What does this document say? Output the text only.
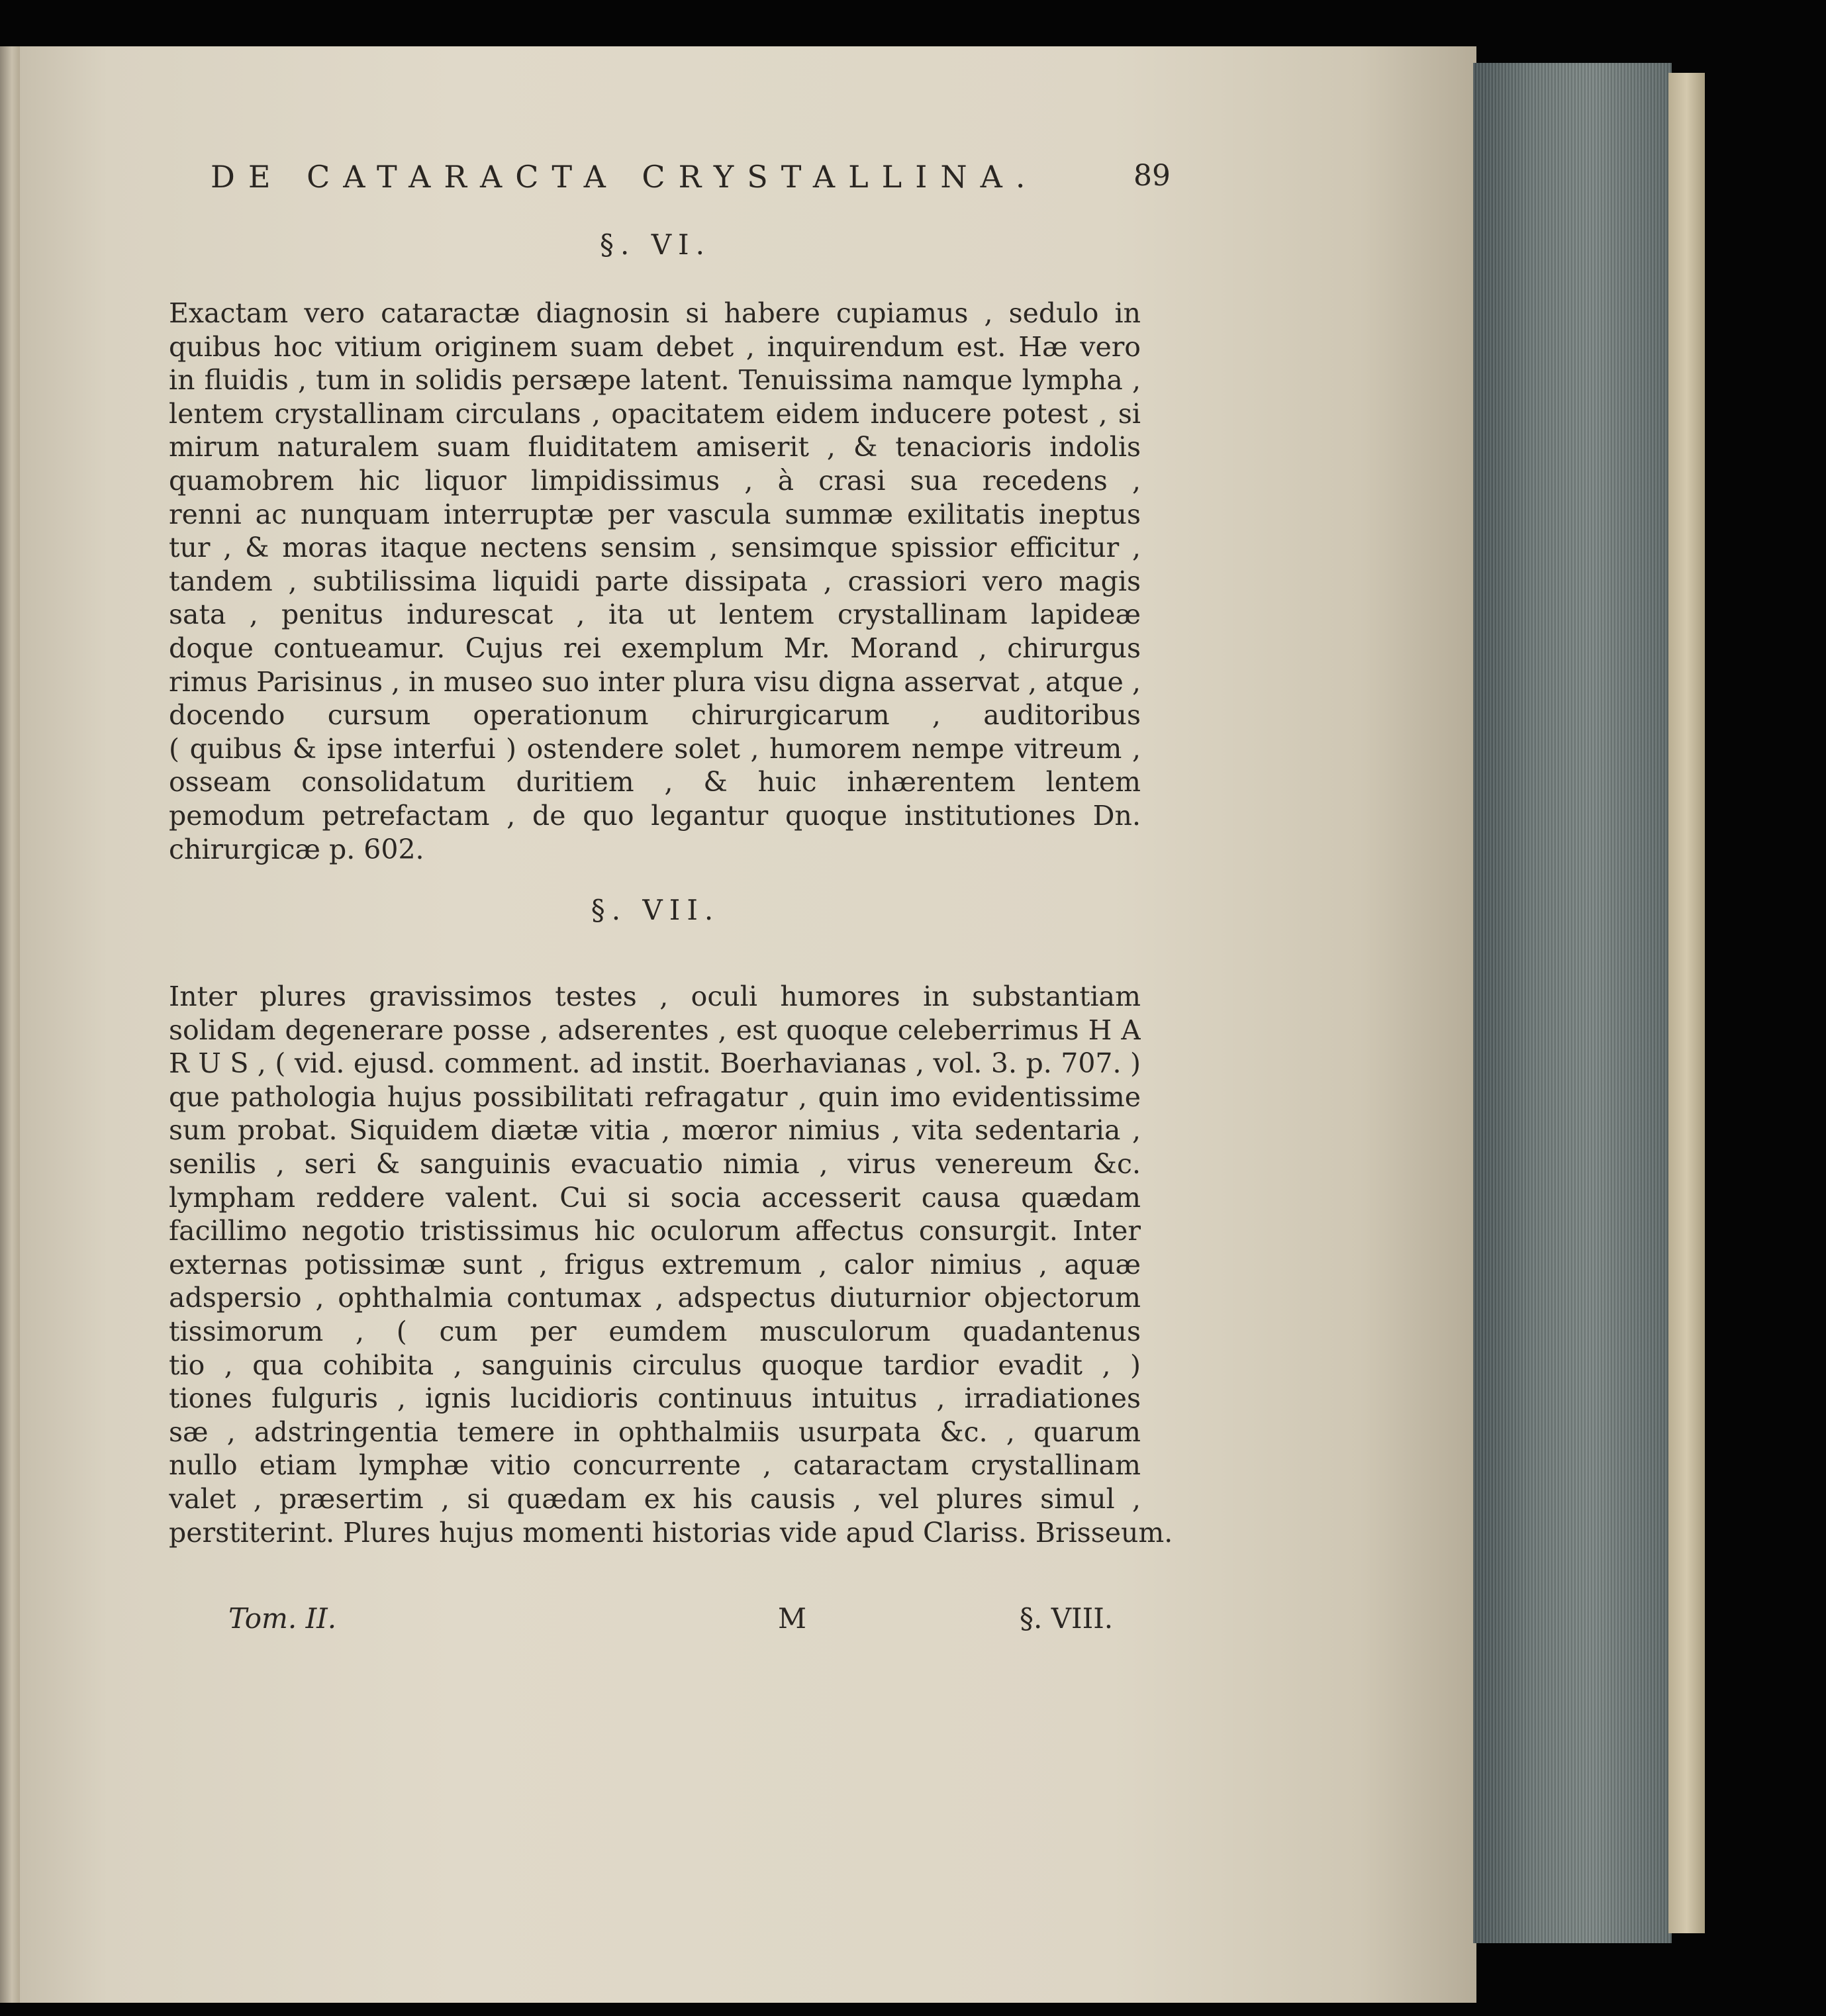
DE CATARACTA CRYSTALLINA.	89
§. VI.
Exactam vero cataractæ diagnosin si habere cupiamus , sedulo in
quibus hoc vitium originem suam debet , inquirendum est. Hæ vero
in fluidis , tum in solidis persæpe latent. Tenuissima namque lympha ,
lentem crystallinam circulans , opacitatem eidem inducere potest , si
mirum naturalem suam fluiditatem amiserit , & tenacioris indolis
quamobrem hic liquor limpidissimus , à crasi sua recedens ,
renni ac nunquam interruptæ per vascula summæ exilitatis ineptus
tur , & moras itaque nectens sensim , sensimque spissior efficitur ,
tandem , subtilissima liquidi parte dissipata , crassiori vero magis
sata , penitus indurescat , ita ut lentem crystallinam lapideæ
doque contueamur. Cujus rei exemplum Mr. Morand , chirurgus
rimus Parisinus , in museo suo inter plura visu digna asservat , atque ,
docendo cursum operationum chirurgicarum , auditoribus
( quibus & ipse interfui ) ostendere solet , humorem nempe vitreum ,
osseam consolidatum duritiem , & huic inhærentem lentem
pemodum petrefactam , de quo legantur quoque institutiones Dn.
chirurgicæ p. 602.
§. VII.
Inter plures gravissimos testes , oculi humores in substantiam
solidam degenerare posse , adserentes , est quoque celeberrimus H A
R U S , ( vid. ejusd. comment. ad instit. Boerhavianas , vol. 3. p. 707. )
que pathologia hujus possibilitati refragatur , quin imo evidentissime
sum probat. Siquidem diætæ vitia , mœror nimius , vita sedentaria ,
senilis , seri & sanguinis evacuatio nimia , virus venereum &c.
lympham reddere valent. Cui si socia accesserit causa quædam
facillimo negotio tristissimus hic oculorum affectus consurgit. Inter
externas potissimæ sunt , frigus extremum , calor nimius , aquæ
adspersio , ophthalmia contumax , adspectus diuturnior objectorum
tissimorum , ( cum per eumdem musculorum quadantenus
tio , qua cohibita , sanguinis circulus quoque tardior evadit , )
tiones fulguris , ignis lucidioris continuus intuitus , irradiationes
sæ , adstringentia temere in ophthalmiis usurpata &c. , quarum
nullo etiam lymphæ vitio concurrente , cataractam crystallinam
valet , præsertim , si quædam ex his causis , vel plures simul ,
perstiterint. Plures hujus momenti historias vide apud Clariss. Brisseum.
Tom. II.	M	§. VIII.
